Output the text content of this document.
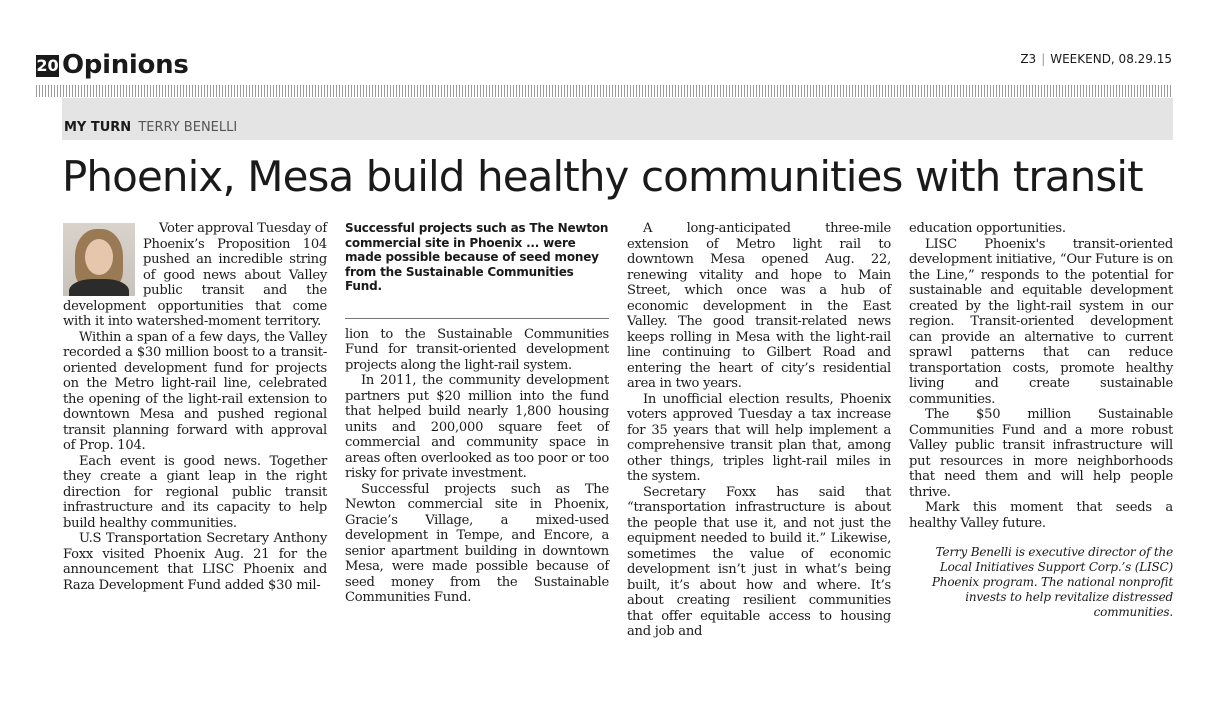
20 Opinions	Z3 | WEEKEND, 08.29.15
MY TURN TERRY BENELLI
Phoenix, Mesa build healthy communities with transit

Voter approval Tuesday of Phoenix’s Proposition 104 pushed an incredible string of good news about Valley public transit and the development opportunities that come with it into watershed-moment territory.

Within a span of a few days, the Valley recorded a $30 million boost to a transit-oriented development fund for projects on the Metro light-rail line, celebrated the opening of the light-rail extension to downtown Mesa and pushed regional transit planning forward with approval of Prop. 104.

Each event is good news. Together they create a giant leap in the right direction for regional public transit infrastructure and its capacity to help build healthy communities.

U.S Transportation Secretary Anthony Foxx visited Phoenix Aug. 21 for the announcement that LISC Phoenix and Raza Development Fund added $30 mil-

Successful projects such as The Newton commercial site in Phoenix ... were made possible because of seed money from the Sustainable Communities Fund.

lion to the Sustainable Communities Fund for transit-oriented development projects along the light-rail system.

In 2011, the community development partners put $20 million into the fund that helped build nearly 1,800 housing units and 200,000 square feet of commercial and community space in areas often overlooked as too poor or too risky for private investment.

Successful projects such as The Newton commercial site in Phoenix, Gracie’s Village, a mixed-used development in Tempe, and Encore, a senior apartment building in downtown Mesa, were made possible because of seed money from the Sustainable Communities Fund.

A long-anticipated three-mile extension of Metro light rail to downtown Mesa opened Aug. 22, renewing vitality and hope to Main Street, which once was a hub of economic development in the East Valley. The good transit-related news keeps rolling in Mesa with the light-rail line continuing to Gilbert Road and entering the heart of city’s residential area in two years.

In unofficial election results, Phoenix voters approved Tuesday a tax increase for 35 years that will help implement a comprehensive transit plan that, among other things, triples light-rail miles in the system.

Secretary Foxx has said that “transportation infrastructure is about the people that use it, and not just the equipment needed to build it.” Likewise, sometimes the value of economic development isn’t just in what’s being built, it’s about how and where. It’s about creating resilient communities that offer equitable access to housing and job and

education opportunities.

LISC Phoenix's transit-oriented development initiative, “Our Future is on the Line,” responds to the potential for sustainable and equitable development created by the light-rail system in our region. Transit-oriented development can provide an alternative to current sprawl patterns that can reduce transportation costs, promote healthy living and create sustainable communities.

The $50 million Sustainable Communities Fund and a more robust Valley public transit infrastructure will put resources in more neighborhoods that need them and will help people thrive.

Mark this moment that seeds a healthy Valley future.

Terry Benelli is executive director of the Local Initiatives Support Corp.’s (LISC) Phoenix program. The national nonprofit invests to help revitalize distressed communities.
